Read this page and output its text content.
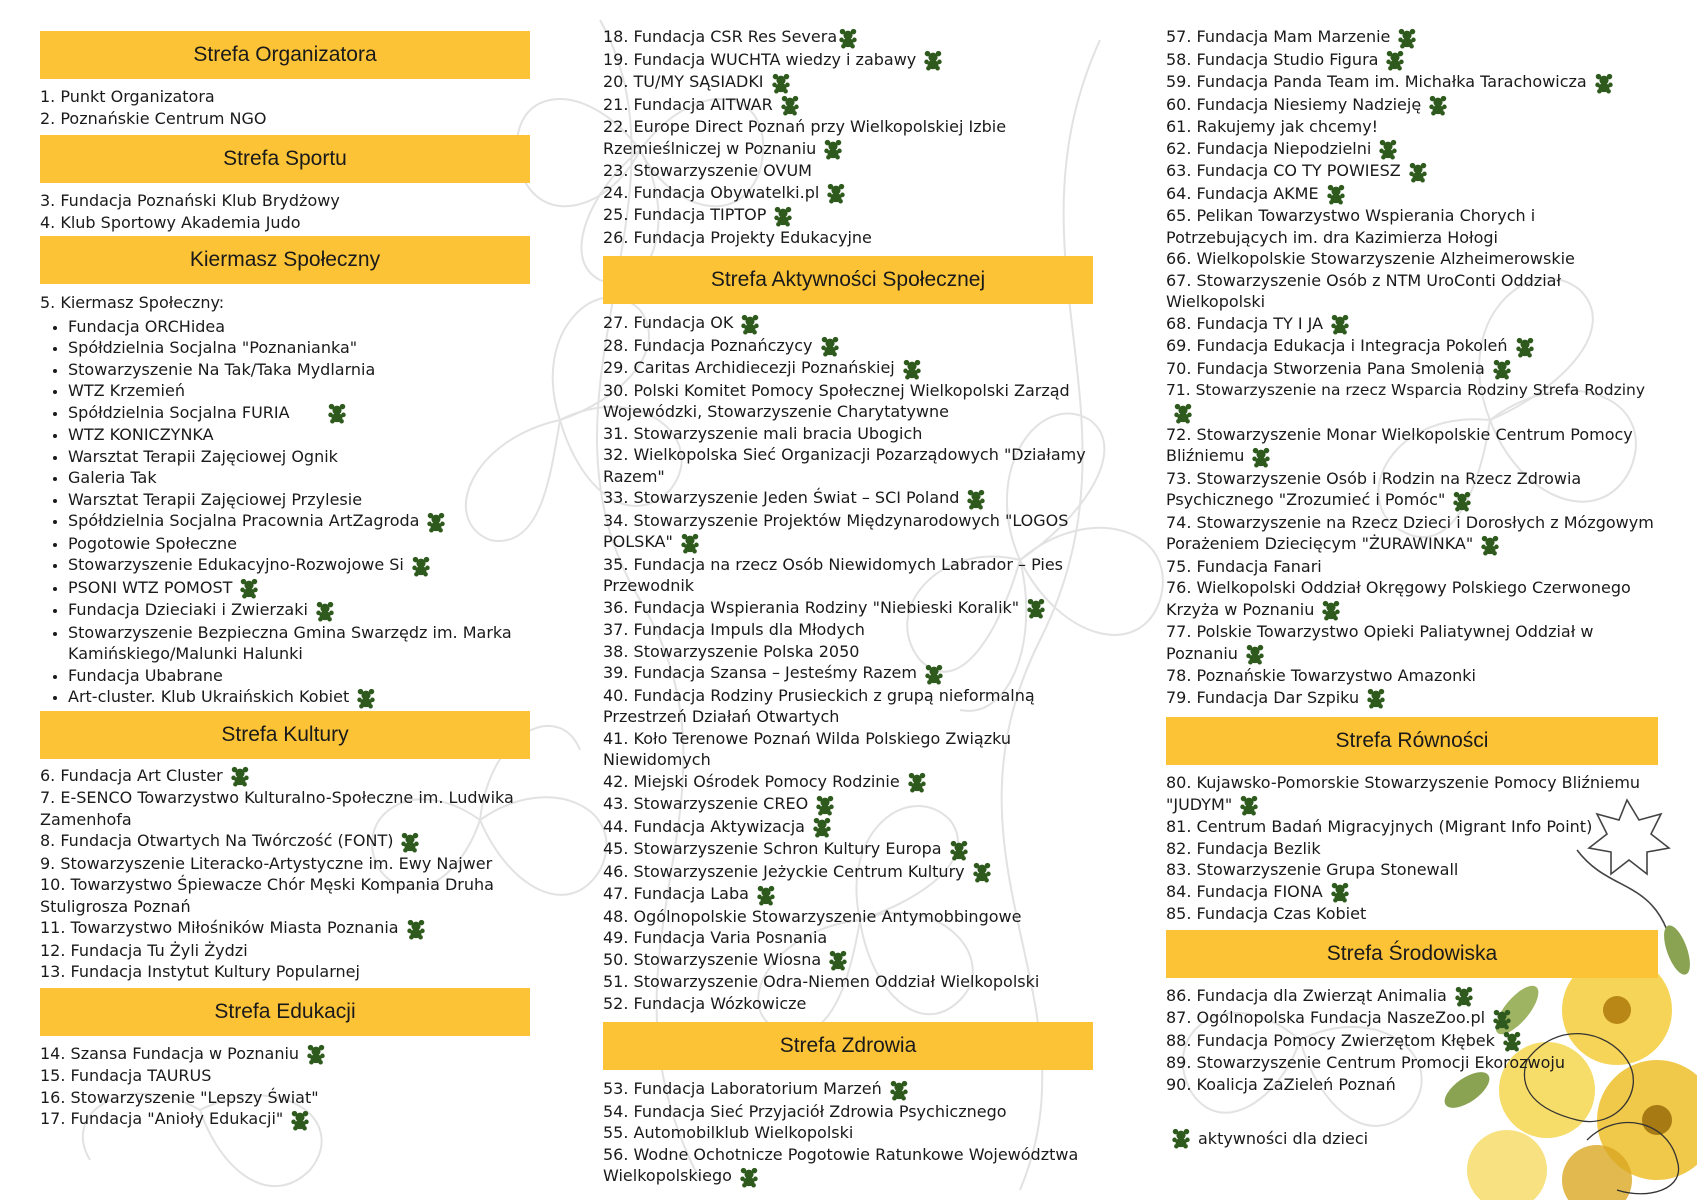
Strefa Organizatora
1. Punkt Organizatora
2. Poznańskie Centrum NGO
Strefa Sportu
3. Fundacja Poznański Klub Brydżowy
4. Klub Sportowy Akademia Judo
Kiermasz Społeczny
5. Kiermasz Społeczny:
• Fundacja ORCHidea
• Spółdzielnia Socjalna "Poznanianka"
• Stowarzyszenie Na Tak/Taka Mydlarnia
• WTZ Krzemień
• Spółdzielnia Socjalna FURIA
• WTZ KONICZYNKA
• Warsztat Terapii Zajęciowej Ognik
• Galeria Tak
• Warsztat Terapii Zajęciowej Przylesie
• Spółdzielnia Socjalna Pracownia ArtZagroda
• Pogotowie Społeczne
• Stowarzyszenie Edukacyjno-Rozwojowe Si
• PSONI WTZ POMOST
• Fundacja Dzieciaki i Zwierzaki
• Stowarzyszenie Bezpieczna Gmina Swarzędz im. Marka Kamińskiego/Malunki Halunki
• Fundacja Ubabrane
• Art-cluster. Klub Ukraińskich Kobiet
Strefa Kultury
6. Fundacja Art Cluster
7. E-SENCO Towarzystwo Kulturalno-Społeczne im. Ludwika Zamenhofa
8. Fundacja Otwartych Na Twórczość (FONT)
9. Stowarzyszenie Literacko-Artystyczne im. Ewy Najwer
10. Towarzystwo Śpiewacze Chór Męski Kompania Druha Stuligrosza Poznań
11. Towarzystwo Miłośników Miasta Poznania
12. Fundacja Tu Żyli Żydzi
13. Fundacja Instytut Kultury Popularnej
Strefa Edukacji
14. Szansa Fundacja w Poznaniu
15. Fundacja TAURUS
16. Stowarzyszenie "Lepszy Świat"
17. Fundacja "Anioły Edukacji"
18. Fundacja CSR Res Severa
19. Fundacja WUCHTA wiedzy i zabawy
20. TU/MY SĄSIADKI
21. Fundacja AITWAR
22. Europe Direct Poznań przy Wielkopolskiej Izbie Rzemieślniczej w Poznaniu
23. Stowarzyszenie OVUM
24. Fundacja Obywatelki.pl
25. Fundacja TIPTOP
26. Fundacja Projekty Edukacyjne
Strefa Aktywności Społecznej
27. Fundacja OK
28. Fundacja Poznańczycy
29. Caritas Archidiecezji Poznańskiej
30. Polski Komitet Pomocy Społecznej Wielkopolski Zarząd Wojewódzki, Stowarzyszenie Charytatywne
31. Stowarzyszenie mali bracia Ubogich
32. Wielkopolska Sieć Organizacji Pozarządowych "Działamy Razem"
33. Stowarzyszenie Jeden Świat – SCI Poland
34. Stowarzyszenie Projektów Międzynarodowych "LOGOS POLSKA"
35. Fundacja na rzecz Osób Niewidomych Labrador – Pies Przewodnik
36. Fundacja Wspierania Rodziny "Niebieski Koralik"
37. Fundacja Impuls dla Młodych
38. Stowarzyszenie Polska 2050
39. Fundacja Szansa – Jesteśmy Razem
40. Fundacja Rodziny Prusieckich z grupą nieformalną Przestrzeń Działań Otwartych
41. Koło Terenowe Poznań Wilda Polskiego Związku Niewidomych
42. Miejski Ośrodek Pomocy Rodzinie
43. Stowarzyszenie CREO
44. Fundacja Aktywizacja
45. Stowarzyszenie Schron Kultury Europa
46. Stowarzyszenie Jeżyckie Centrum Kultury
47. Fundacja Laba
48. Ogólnopolskie Stowarzyszenie Antymobbingowe
49. Fundacja Varia Posnania
50. Stowarzyszenie Wiosna
51. Stowarzyszenie Odra-Niemen Oddział Wielkopolski
52. Fundacja Wózkowicze
Strefa Zdrowia
53. Fundacja Laboratorium Marzeń
54. Fundacja Sieć Przyjaciół Zdrowia Psychicznego
55. Automobilklub Wielkopolski
56. Wodne Ochotnicze Pogotowie Ratunkowe Województwa Wielkopolskiego
57. Fundacja Mam Marzenie
58. Fundacja Studio Figura
59. Fundacja Panda Team im. Michałka Tarachowicza
60. Fundacja Niesiemy Nadzieję
61. Rakujemy jak chcemy!
62. Fundacja Niepodzielni
63. Fundacja CO TY POWIESZ
64. Fundacja AKME
65. Pelikan Towarzystwo Wspierania Chorych i Potrzebujących im. dra Kazimierza Hołogi
66. Wielkopolskie Stowarzyszenie Alzheimerowskie
67. Stowarzyszenie Osób z NTM UroConti Oddział Wielkopolski
68. Fundacja TY I JA
69. Fundacja Edukacja i Integracja Pokoleń
70. Fundacja Stworzenia Pana Smolenia
71. Stowarzyszenie na rzecz Wsparcia Rodziny Strefa Rodziny
72. Stowarzyszenie Monar Wielkopolskie Centrum Pomocy Bliźniemu
73. Stowarzyszenie Osób i Rodzin na Rzecz Zdrowia Psychicznego "Zrozumieć i Pomóc"
74. Stowarzyszenie na Rzecz Dzieci i Dorosłych z Mózgowym Porażeniem Dziecięcym "ŻURAWINKA"
75. Fundacja Fanari
76. Wielkopolski Oddział Okręgowy Polskiego Czerwonego Krzyża w Poznaniu
77. Polskie Towarzystwo Opieki Paliatywnej Oddział w Poznaniu
78. Poznańskie Towarzystwo Amazonki
79. Fundacja Dar Szpiku
Strefa Równości
80. Kujawsko-Pomorskie Stowarzyszenie Pomocy Bliźniemu "JUDYM"
81. Centrum Badań Migracyjnych (Migrant Info Point)
82. Fundacja Bezlik
83. Stowarzyszenie Grupa Stonewall
84. Fundacja FIONA
85. Fundacja Czas Kobiet
Strefa Środowiska
86. Fundacja dla Zwierząt Animalia
87. Ogólnopolska Fundacja NaszeZoo.pl
88. Fundacja Pomocy Zwierzętom Kłębek
89. Stowarzyszenie Centrum Promocji Ekorozwoju
90. Koalicja ZaZieleń Poznań
aktywności dla dzieci
